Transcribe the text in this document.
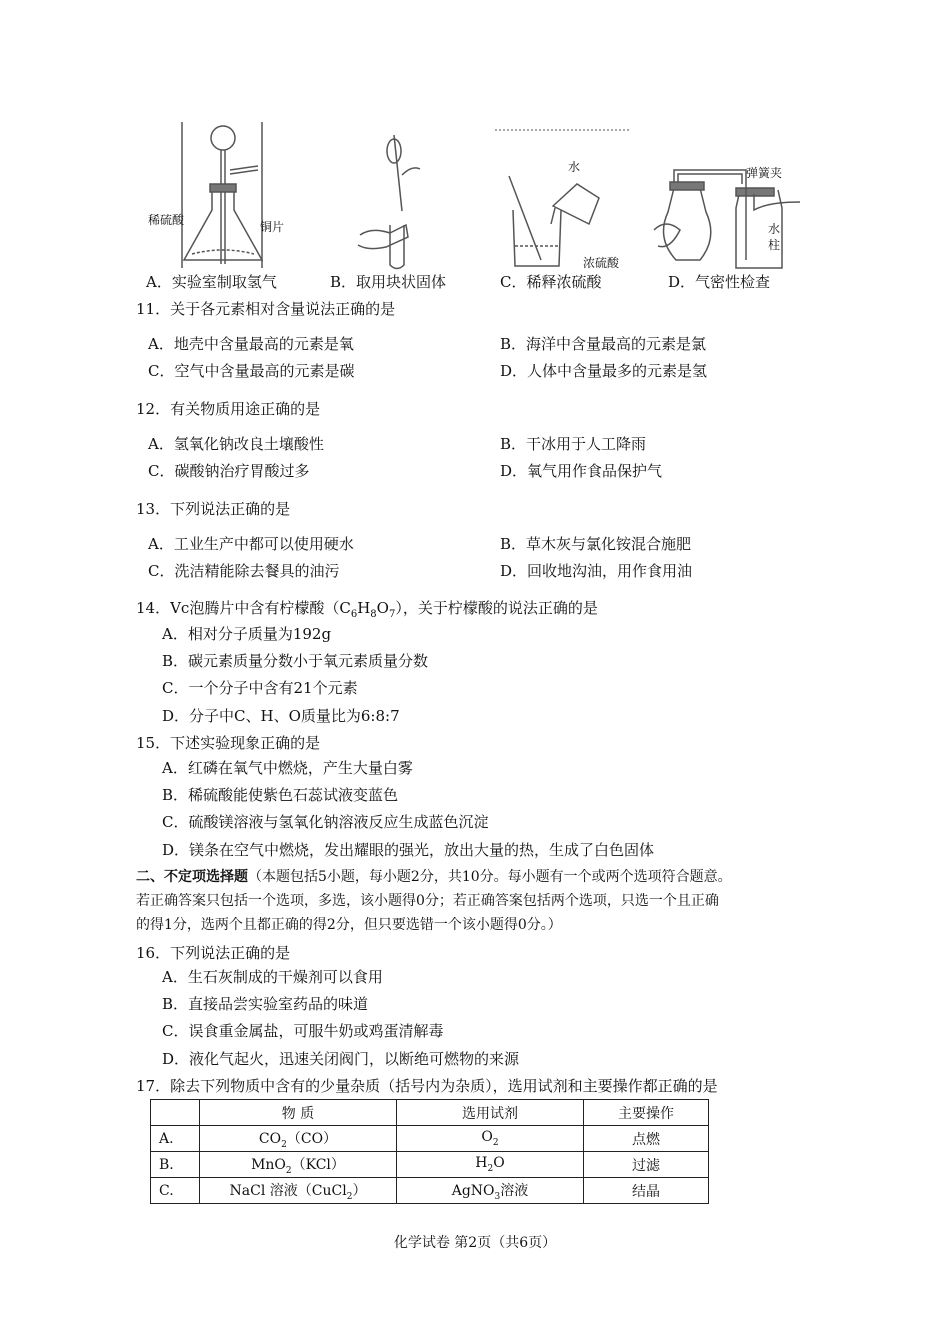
稀硫酸	铜片
水
浓硫酸
弹簧夹
水
柱
A．实验室制取氢气	B．取用块状固体	C．稀释浓硫酸	D．气密性检查
11．关于各元素相对含量说法正确的是
A．地壳中含量最高的元素是氧	B．海洋中含量最高的元素是氯
C．空气中含量最高的元素是碳	D．人体中含量最多的元素是氢
12．有关物质用途正确的是
A．氢氧化钠改良土壤酸性	B．干冰用于人工降雨
C．碳酸钠治疗胃酸过多	D．氧气用作食品保护气
13．下列说法正确的是
A．工业生产中都可以使用硬水	B．草木灰与氯化铵混合施肥
C．洗洁精能除去餐具的油污	D．回收地沟油，用作食用油
14．Vc泡腾片中含有柠檬酸$(C_6H_8O_7)$，关于柠檬酸的说法正确的是
A．相对分子质量为192g
B．碳元素质量分数小于氧元素质量分数
C．一个分子中含有21个元素
D．分子中C、H、O质量比为6:8:7
15．下述实验现象正确的是
A．红磷在氧气中燃烧，产生大量白雾
B．稀硫酸能使紫色石蕊试液变蓝色
C．硫酸镁溶液与氢氧化钠溶液反应生成蓝色沉淀
D．镁条在空气中燃烧，发出耀眼的强光，放出大量的热，生成了白色固体
二、不定项选择题（本题包括5小题，每小题2分，共10分。每小题有一个或两个选项符合题意。
若正确答案只包括一个选项，多选，该小题得0分；若正确答案包括两个选项，只选一个且正确
的得1分，选两个且都正确的得2分，但只要选错一个该小题得0分。）
16．下列说法正确的是
A．生石灰制成的干燥剂可以食用
B．直接品尝实验室药品的味道
C．误食重金属盐，可服牛奶或鸡蛋清解毒
D．液化气起火，迅速关闭阀门，以断绝可燃物的来源
17．除去下列物质中含有的少量杂质（括号内为杂质），选用试剂和主要操作都正确的是
	物 质	选用试剂	主要操作
A.	$CO_2(CO)$	$O_2$	点燃
B.	MnO$_2$（KCl）	$H_2O$	过滤
C.	NaCl 溶液（CuCl$_2$）	AgNO$_3$溶液	结晶
化学试卷 第2页（共6页）
